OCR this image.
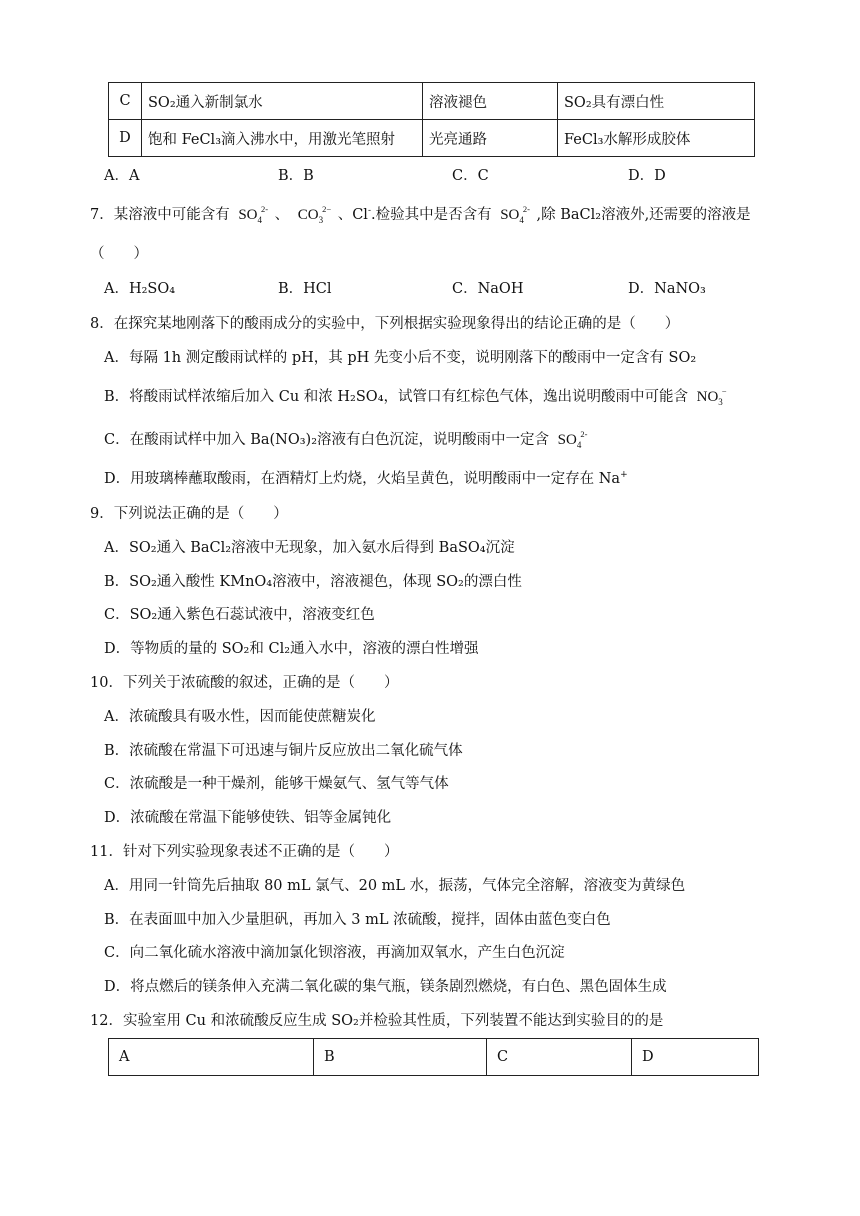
C	SO₂通入新制氯水	溶液褪色	SO₂具有漂白性
D	饱和 FeCl₃滴入沸水中，用激光笔照射	光亮通路	FeCl₃水解形成胶体
A．A	B．B	C．C	D．D
7．某溶液中可能含有 $SO_4$
2- 、 $CO_3$
2− 、Cl-.检验其中是否含有 $SO_4$
2- ,除 BaCl₂溶液外,还需要的溶液是
（　　）
A．H₂SO₄	B．HCl	C．NaOH	D．NaNO₃
8．在探究某地刚落下的酸雨成分的实验中，下列根据实验现象得出的结论正确的是（　　）
A．每隔 1h 测定酸雨试样的 pH，其 pH 先变小后不变，说明刚落下的酸雨中一定含有 SO₂
B．将酸雨试样浓缩后加入 Cu 和浓 H₂SO₄，试管口有红棕色气体，逸出说明酸雨中可能含 $NO_3$
−
C．在酸雨试样中加入 Ba(NO₃)₂溶液有白色沉淀，说明酸雨中一定含 $SO_4$
2-
D．用玻璃棒蘸取酸雨，在酒精灯上灼烧，火焰呈黄色，说明酸雨中一定存在 Na+
9．下列说法正确的是（　　）
A．SO₂通入 BaCl₂溶液中无现象，加入氨水后得到 BaSO₄沉淀
B．SO₂通入酸性 KMnO₄溶液中，溶液褪色，体现 SO₂的漂白性
C．SO₂通入紫色石蕊试液中，溶液变红色
D．等物质的量的 SO₂和 Cl₂通入水中，溶液的漂白性增强
10．下列关于浓硫酸的叙述，正确的是（　　）
A．浓硫酸具有吸水性，因而能使蔗糖炭化
B．浓硫酸在常温下可迅速与铜片反应放出二氧化硫气体
C．浓硫酸是一种干燥剂，能够干燥氨气、氢气等气体
D．浓硫酸在常温下能够使铁、铝等金属钝化
11．针对下列实验现象表述不正确的是（　　）
A．用同一针筒先后抽取 80 mL 氯气、20 mL 水，振荡，气体完全溶解，溶液变为黄绿色
B．在表面皿中加入少量胆矾，再加入 3 mL 浓硫酸，搅拌，固体由蓝色变白色
C．向二氧化硫水溶液中滴加氯化钡溶液，再滴加双氧水，产生白色沉淀
D．将点燃后的镁条伸入充满二氧化碳的集气瓶，镁条剧烈燃烧，有白色、黑色固体生成
12．实验室用 Cu 和浓硫酸反应生成 SO₂并检验其性质，下列装置不能达到实验目的的是
A	B	C	D
